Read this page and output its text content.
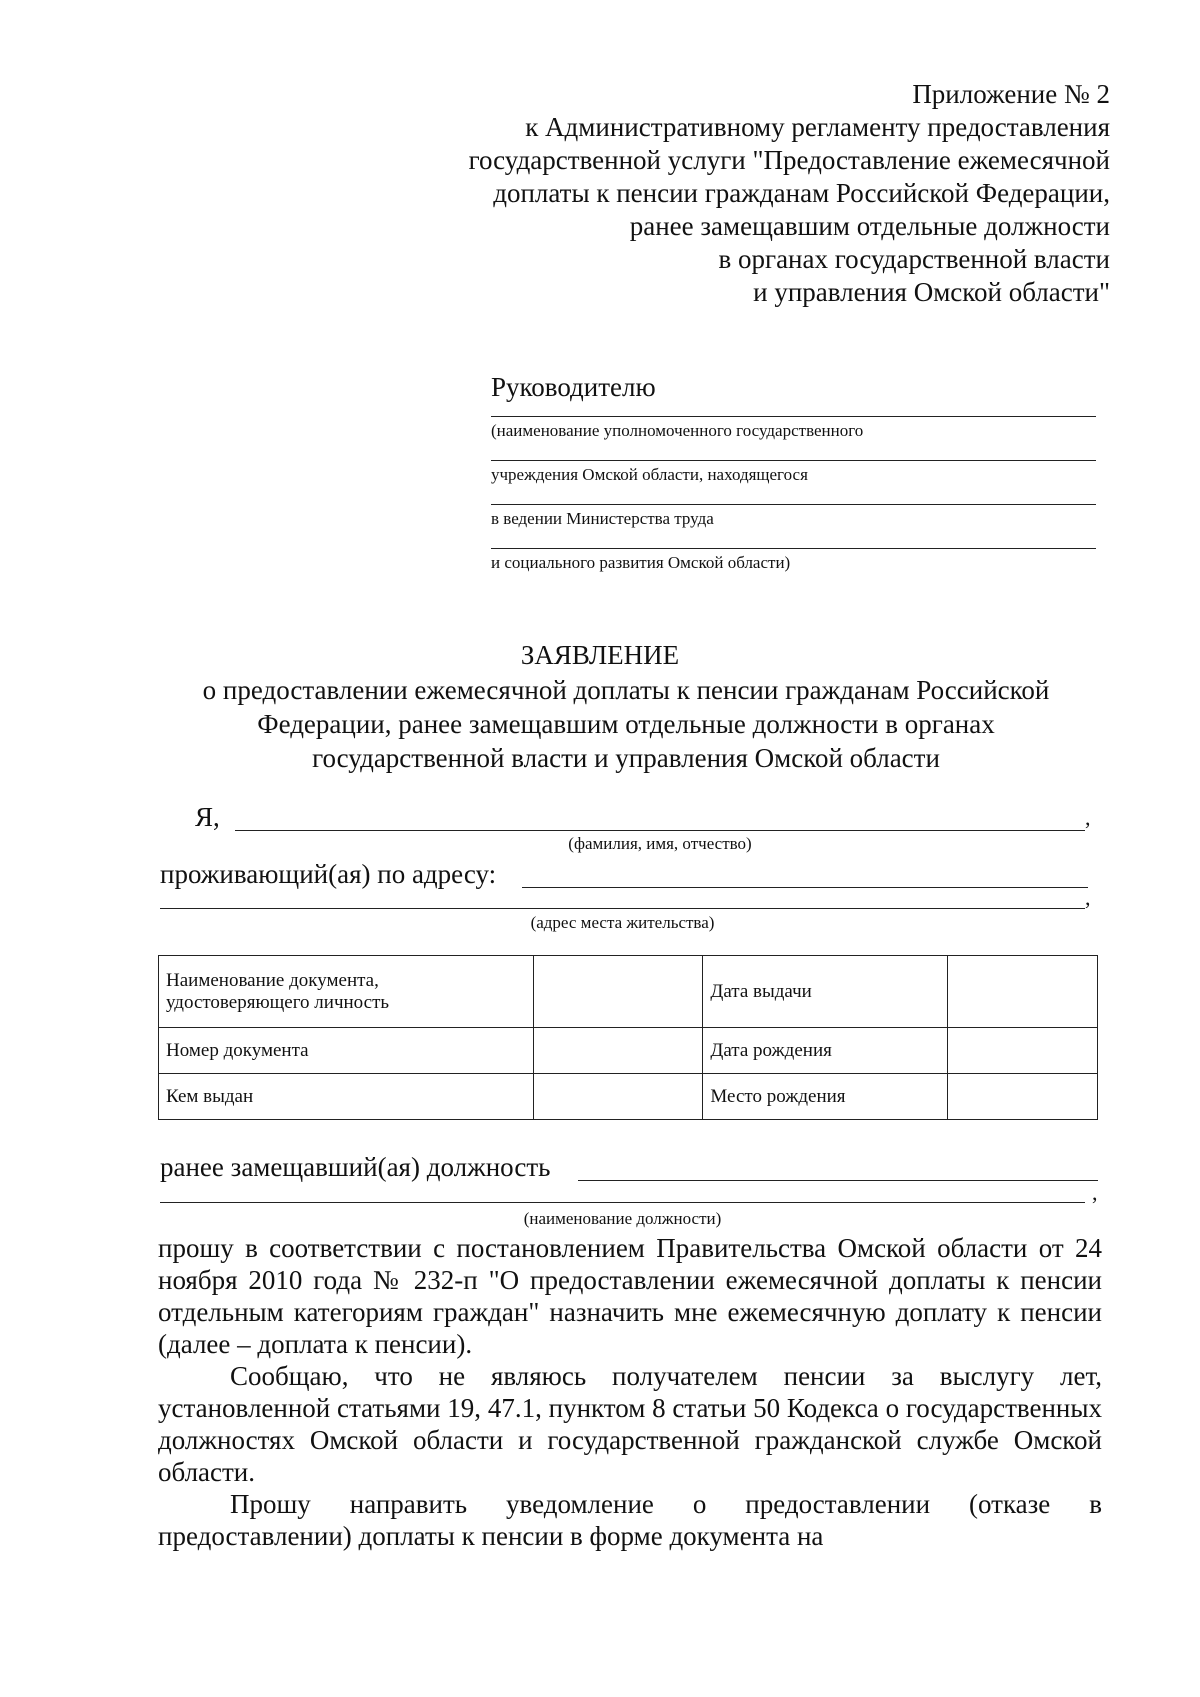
Приложение № 2
к Административному регламенту предоставления
государственной услуги "Предоставление ежемесячной
доплаты к пенсии гражданам Российской Федерации,
ранее замещавшим отдельные должности
в органах государственной власти
и управления Омской области"
Руководителю
(наименование уполномоченного государственного
учреждения Омской области, находящегося
в ведении Министерства труда
и социального развития Омской области)
ЗАЯВЛЕНИЕ
о предоставлении ежемесячной доплаты к пенсии гражданам Российской Федерации, ранее замещавшим отдельные должности в органах государственной власти и управления Омской области
Я,	,
(фамилия, имя, отчество)
проживающий(ая) по адресу:
,
(адрес места жительства)
Наименование документа, удостоверяющего личность		Дата выдачи	
Номер документа		Дата рождения	
Кем выдан		Место рождения	
ранее замещавший(ая) должность
,
(наименование должности)

прошу в соответствии с постановлением Правительства Омской области от 24 ноября 2010 года № 232-п "О предоставлении ежемесячной доплаты к пенсии отдельным категориям граждан" назначить мне ежемесячную доплату к пенсии (далее – доплата к пенсии).

Сообщаю, что не являюсь получателем пенсии за выслугу лет, установленной статьями 19, 47.1, пунктом 8 статьи 50 Кодекса о государственных должностях Омской области и государственной гражданской службе Омской области.

Прошу направить уведомление о предоставлении (отказе в предоставлении) доплаты к пенсии в форме документа на
